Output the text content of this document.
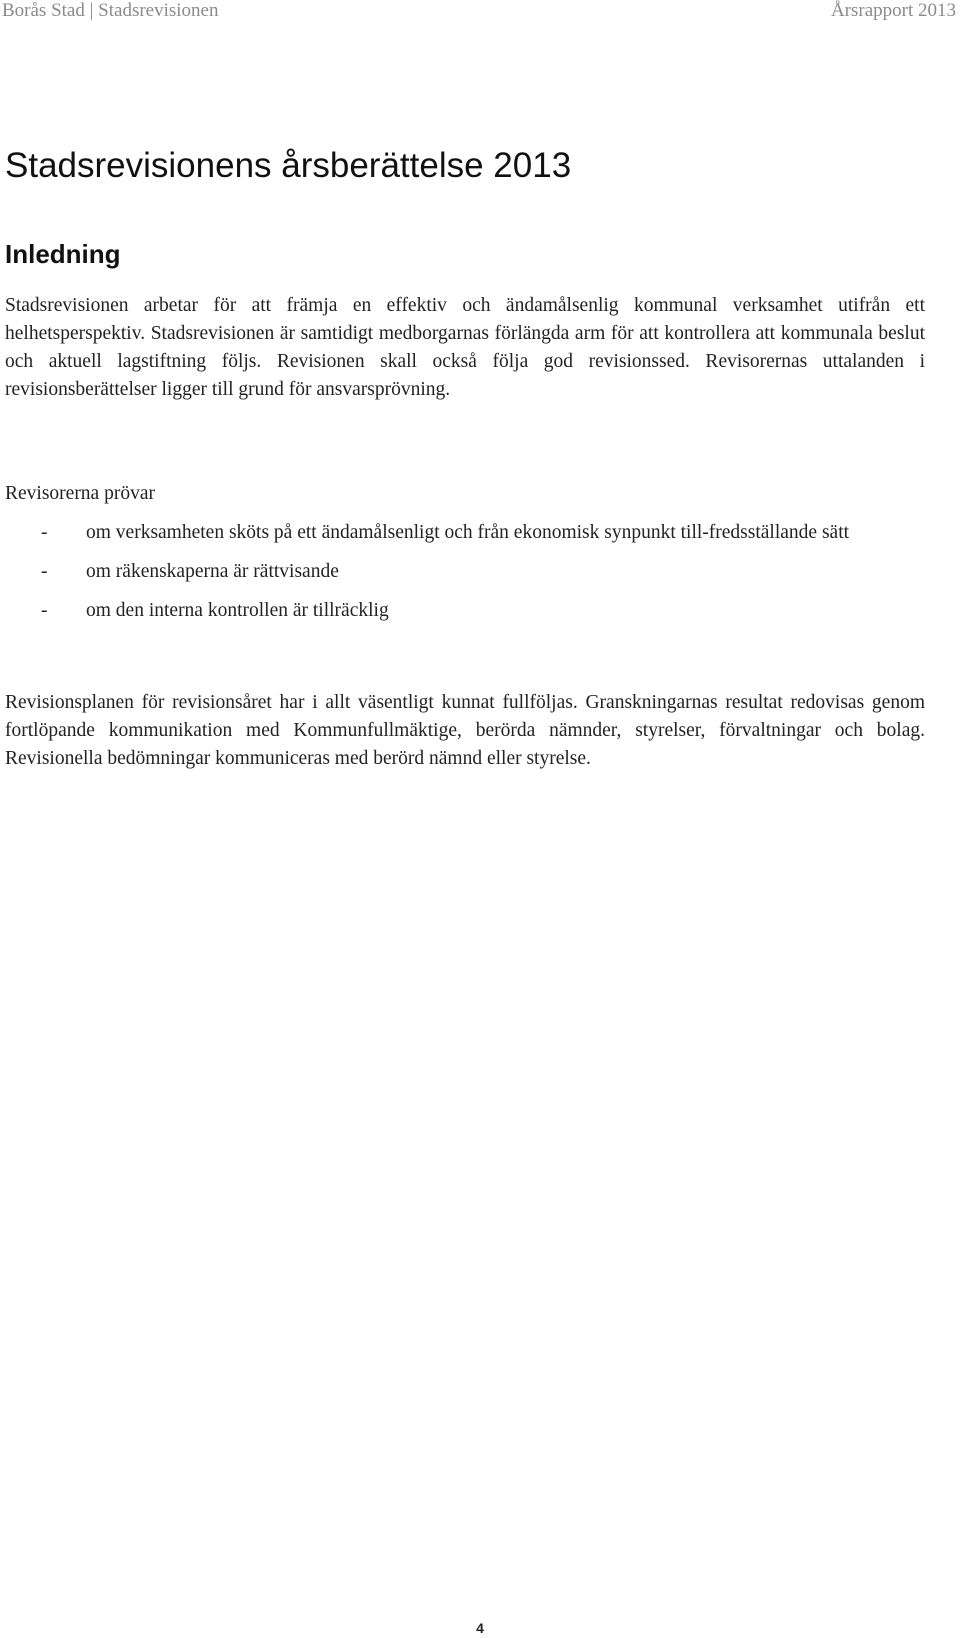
Borås Stad | Stadsrevisionen	Årsrapport 2013
Stadsrevisionens årsberättelse 2013
Inledning

Stadsrevisionen arbetar för att främja en effektiv och ändamålsenlig kommunal verksamhet utifrån ett helhetsperspektiv. Stadsrevisionen är samtidigt medborgarnas förlängda arm för att kontrollera att kommunala beslut och aktuell lagstiftning följs. Revisionen skall också följa god revisionssed. Revisorernas uttalanden i revisionsberättelser ligger till grund för ansvarsprövning.

Revisorerna prövar

- om verksamheten sköts på ett ändamålsenligt och från ekonomisk synpunkt till-fredsställande sätt
- om räkenskaperna är rättvisande
- om den interna kontrollen är tillräcklig

Revisionsplanen för revisionsåret har i allt väsentligt kunnat fullföljas. Granskningarnas resultat redovisas genom fortlöpande kommunikation med Kommunfullmäktige, berörda nämnder, styrelser, förvaltningar och bolag. Revisionella bedömningar kommuniceras med berörd nämnd eller styrelse.

4
